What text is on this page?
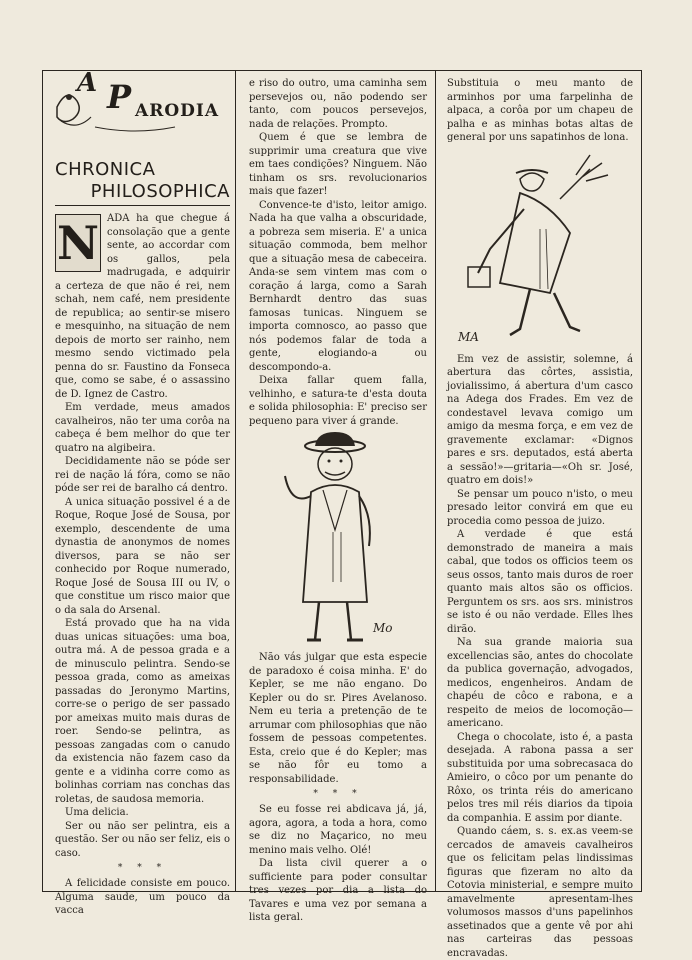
A P ARODIA
CHRONICA
PHILOSOPHICA
N ADA ha que chegue á consolação que a gente sente, ao accordar com os gallos, pela madrugada, e adquirir a certeza de que não é rei, nem schah, nem café, nem presidente de republica; ao sentir-se misero e mesquinho, na situação de nem depois de morto ser rainho, nem mesmo sendo victimado pela penna do sr. Faustino da Fonseca que, como se sabe, é o assassino de D. Ignez de Castro.

Em verdade, meus amados cavalheiros, não ter uma corôa na cabeça é bem melhor do que ter quatro na algibeira.

Decididamente não se póde ser rei de nação lá fóra, como se não póde ser rei de baralho cá dentro.

A unica situação possivel é a de Roque, Roque José de Sousa, por exemplo, descendente de uma dynastia de anonymos de nomes diversos, para se não ser conhecido por Roque numerado, Roque José de Sousa III ou IV, o que constitue um risco maior que o da sala do Arsenal.

Está provado que ha na vida duas unicas situações: uma boa, outra má. A de pessoa grada e a de minusculo pelintra. Sendo-se pessoa grada, como as ameixas passadas do Jeronymo Martins, corre-se o perigo de ser passado por ameixas muito mais duras de roer. Sendo-se pelintra, as pessoas zangadas com o canudo da existencia não fazem caso da gente e a vidinha corre como as bolinhas corriam nas conchas das roletas, de saudosa memoria.

Uma delicia.

Ser ou não ser pelintra, eis a questão. Ser ou não ser feliz, eis o caso.

* * *

A felicidade consiste em pouco. Alguma saude, um pouco da vacca

e riso do outro, uma caminha sem persevejos ou, não podendo ser tanto, com poucos persevejos, nada de relações. Prompto.

Quem é que se lembra de supprimir uma creatura que vive em taes condições? Ninguem. Não tinham os srs. revolucionarios mais que fazer!

Convence-te d'isto, leitor amigo. Nada ha que valha a obscuridade, a pobreza sem miseria. E' a unica situação commoda, bem melhor que a situação mesa de cabeceira. Anda-se sem vintem mas com o coração á larga, como a Sarah Bernhardt dentro das suas famosas tunicas. Ninguem se importa comnosco, ao passo que nós podemos falar de toda a gente, elogiando-a ou descompondo-a.

Deixa fallar quem falla, velhinho, e satura-te d'esta douta e solida philosophia: E' preciso ser pequeno para viver á grande.

Mo

Não vás julgar que esta especie de paradoxo é coisa minha. E' do Kepler, se me não engano. Do Kepler ou do sr. Pires Avelanoso. Nem eu teria a pretenção de te arrumar com philosophias que não fossem de pessoas competentes. Esta, creio que é do Kepler; mas se não fôr eu tomo a responsabilidade.

* * *

Se eu fosse rei abdicava já, já, agora, agora, a toda a hora, como se diz no Maçarico, no meu menino mais velho. Olé!

Da lista civil querer a o sufficiente para poder consultar tres vezes por dia a lista do Tavares e uma vez por semana a lista geral.

Substituia o meu manto de arminhos por uma farpelinha de alpaca, a corôa por um chapeu de palha e as minhas botas altas de general por uns sapatinhos de lona.

MA

Em vez de assistir, solemne, á abertura das côrtes, assistia, jovialissimo, á abertura d'um casco na Adega dos Frades. Em vez de condestavel levava comigo um amigo da mesma força, e em vez de gravemente exclamar: «Dignos pares e srs. deputados, está aberta a sessão!»—gritaria—«Oh sr. José, quatro em dois!»

Se pensar um pouco n'isto, o meu presado leitor convirá em que eu procedia como pessoa de juizo.

A verdade é que está demonstrado de maneira a mais cabal, que todos os officios teem os seus ossos, tanto mais duros de roer quanto mais altos são os officios. Perguntem os srs. aos srs. ministros se isto é ou não verdade. Elles lhes dirão.

Na sua grande maioria sua excellencias são, antes do chocolate da publica governação, advogados, medicos, engenheiros. Andam de chapéu de côco e rabona, e a respeito de meios de locomoção—americano.

Chega o chocolate, isto é, a pasta desejada. A rabona passa a ser substituida por uma sobrecasaca do Amieiro, o côco por um penante do Rôxo, os trinta réis do americano pelos tres mil réis diarios da tipoia da companhia. E assim por diante.

Quando cáem, s. s. ex.as veem-se cercados de amaveis cavalheiros que os felicitam pelas lindissimas figuras que fizeram no alto da Cotovia ministerial, e sempre muito amavelmente apresentam-lhes volumosos massos d'uns papelinhos assetinados que a gente vê por ahi nas carteiras das pessoas encravadas.
